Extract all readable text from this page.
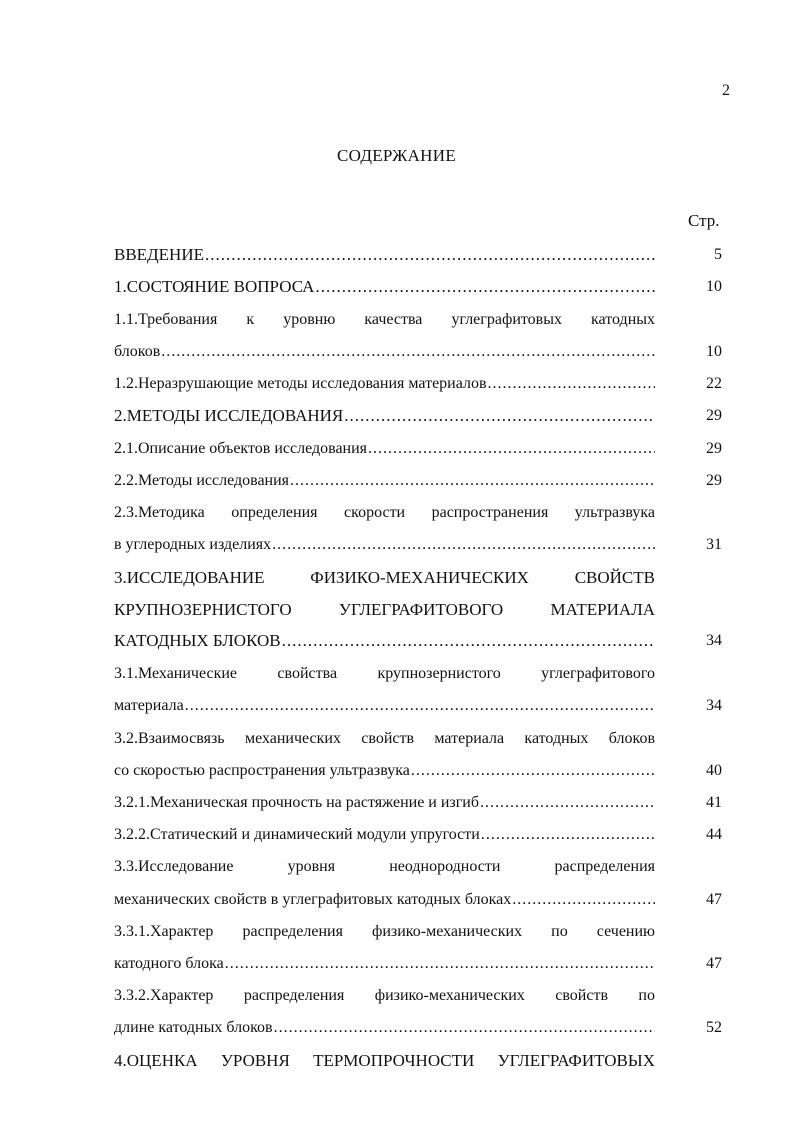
2
СОДЕРЖАНИЕ
Стр.
ВВЕДЕНИЕ .....	5
1.СОСТОЯНИЕ ВОПРОСА .....	10
1.1.Требования к уровню качества углеграфитовых катодных
блоков .....	10
1.2.Неразрушающие методы исследования материалов .....	22
2.МЕТОДЫ ИССЛЕДОВАНИЯ .....	29
2.1.Описание объектов исследования .....	29
2.2.Методы исследования .....	29
2.3.Методика определения скорости распространения ультразвука
в углеродных изделиях .....	31
3.ИССЛЕДОВАНИЕ ФИЗИКО-МЕХАНИЧЕСКИХ СВОЙСТВ
КРУПНОЗЕРНИСТОГО УГЛЕГРАФИТОВОГО МАТЕРИАЛА
КАТОДНЫХ БЛОКОВ .....	34
3.1.Механические свойства крупнозернистого углеграфитового
материала .....	34
3.2.Взаимосвязь механических свойств материала катодных блоков
со скоростью распространения ультразвука .....	40
3.2.1.Механическая прочность на растяжение и изгиб .....	41
3.2.2.Статический и динамический модули упругости .....	44
3.3.Исследование уровня неоднородности распределения
механических свойств в углеграфитовых катодных блоках .....	47
3.3.1.Характер распределения физико-механических по сечению
катодного блока .....	47
3.3.2.Характер распределения физико-механических свойств по
длине катодных блоков .....	52
4.ОЦЕНКА УРОВНЯ ТЕРМОПРОЧНОСТИ УГЛЕГРАФИТОВЫХ
